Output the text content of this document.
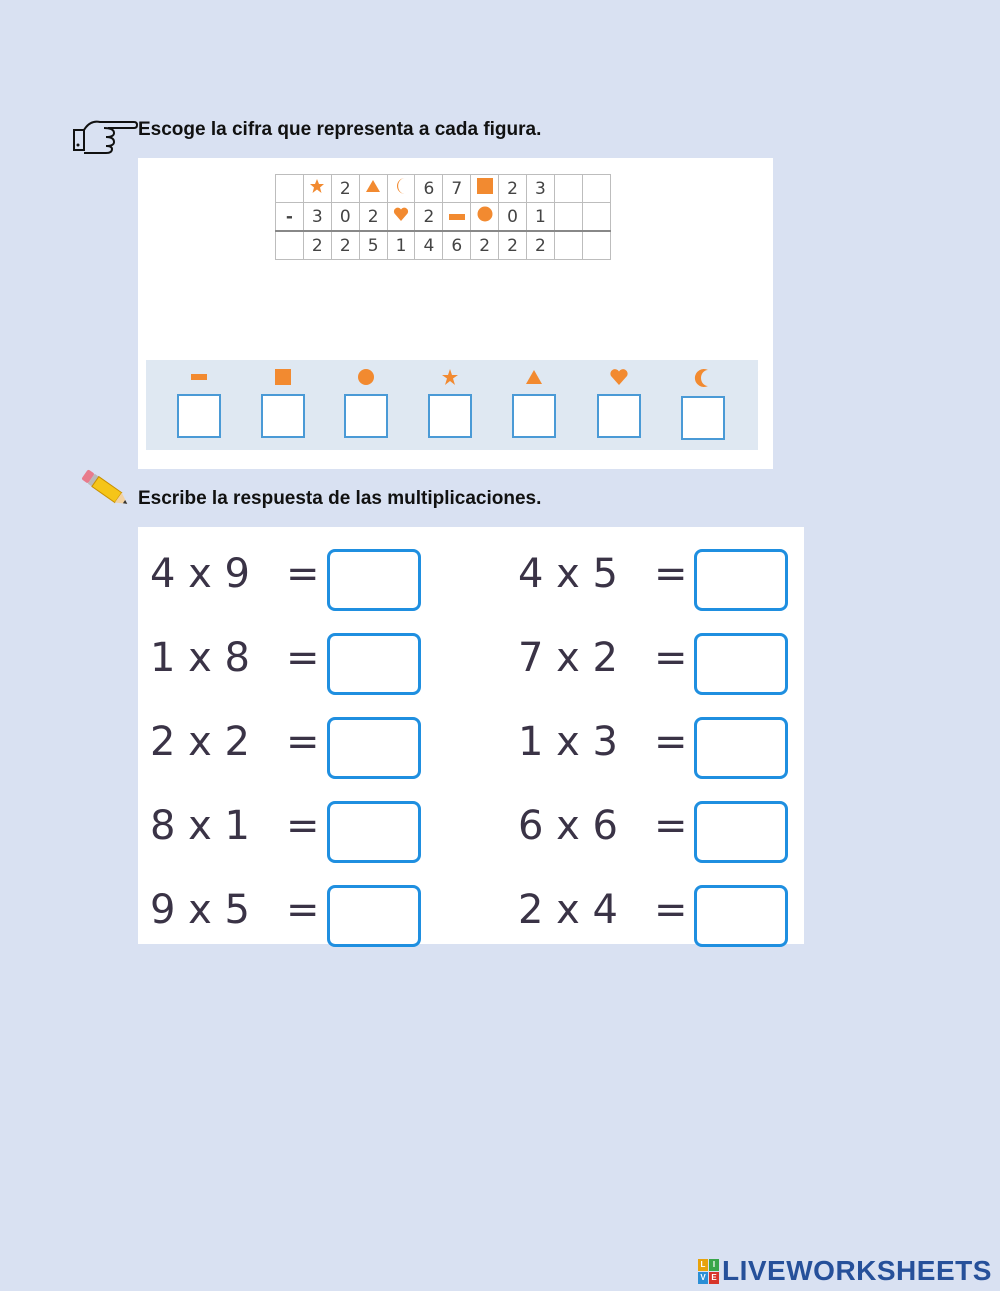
Escoge la cifra que representa a cada figura.
		2			6	7		2	3		
-	3	0	2		2			0	1		
	2	2	5	1	4	6	2	2	2		
Escribe la respuesta de las multiplicaciones.
4 x 9 =	4 x 5 =
1 x 8 =	7 x 2 =
2 x 2 =	1 x 3 =
8 x 1 =	6 x 6 =
9 x 5 =	2 x 4 =
L I
V E LIVEWORKSHEETS
